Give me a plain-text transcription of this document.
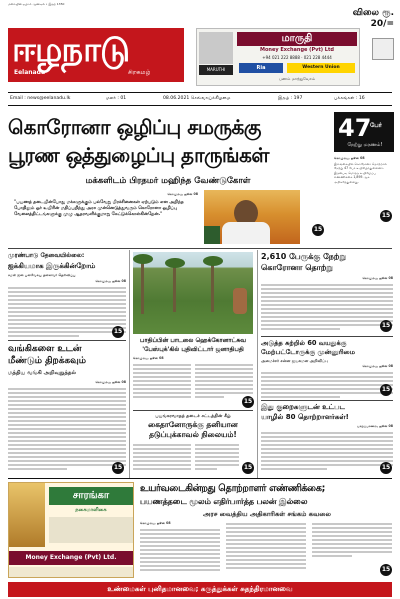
மலையின் ஏழாம் ஆண்டில் • இதழ் 1350
ஈழநாடு
Eelanadu	சிறகமழ்	MARUTHI
மாருதி
Money Exchange (Pvt) Ltd
+94 021 222 8888 · 021 228 4444
Ria	Western Union
பணம் மாற்றுவோம்
விலை ரூ. 20/=
Email : news@eelanadu.lk	மலர் : 01	08.06.2021 செவ்வாய்க்கிழமை	இதழ் : 197	பக்கங்கள் : 16
கொரோனா ஒழிப்பு சமருக்கு
பூரண ஒத்துழைப்பு தாருங்கள்
47
பேர்
நேற்று மரணம்!
கொழும்பு, ஜூன் 08
இலங்கையில் கொரோனா தொற்றால் நேற்று 47 பேர் உயிரிழந்துள்ளனர். இதன்படி மொத்த உயிரிழப்பு எண்ணிக்கை 1,895 ஆக அதிகரித்துள்ளது.
15
மக்களிடம் பிரதமர் மஹிந்த வேண்டுகோள்
கொழும்பு, ஜூன் 08
"பயணத் தடையின்போது மக்களுக்கும் பல்வேறு பிரச்சினைகள் ஏற்படும் என அறிந்த போதிலும் ஓர் உயிரின் மதிப்பறிந்து அரச முன்னெடுத்துவரும் கொரோனா ஒழிப்பு வேலைத்திட்டங்களுக்கு முழு ஆதரவளிக்குமாறு கேட்டுக்கொள்கின்றேன்."
15
முரண்பாடு தேவையில்லை:
ஐக்கியமாக இருக்கின்றோம்
சமகி ஜன பலவேகய தலைவர் தெரிவிப்பு
கொழும்பு, ஜூன் 08
15
வங்கிகளை உடன்
மீண்டும் திறக்கவும்
மத்திய வங்கி அறிவுறுத்தல்
கொழும்பு, ஜூன் 08
15
பாதிப்பின் பாடலை ஹெக்கோனாட்சுவ
'பேஸ்புக்'கில் புதிவிட்டார் ஜனாதிபதி
கொழும்பு, ஜூன் 08
15
பயங்கரவாதத் தடைச் சட்டத்தின் கீழ்
கைதானோருக்கு தனியான
தடுப்புக்காவல் நிலையம்!
15
2,610 பேருக்கு நேற்று
கொரோனா தொற்று
கொழும்பு, ஜூன் 08
15
அடுத்த சுற்றில் 60 வயதுக்கு
மேற்பட்டோருக்கு முன்னுரிமை
அமைச்சர் சன்ன ஜயசுமன அறிவிப்பு
கொழும்பு, ஜூன் 08
15
இது குறைகளுடன் உட்பட
யாழில் 80 தொற்றாளர்கள்!
யாழ்ப்பாணம், ஜூன் 08
15
சாரங்கா
நகைமாளிகை
Money Exchange (Pvt) Ltd.
உயர்வடைகின்றது தொற்றாளர் எண்ணிக்கை;
பயணத்தடை மூலம் எதிர்பார்த்த பலன் இல்லை
அரச வைத்திய அதிகாரிகள் சங்கம் கவலை
கொழும்பு, ஜூன் 08
15
உண்மைகள் புனிதமானவை; கருத்துக்கள் சுதந்திரமானவை
